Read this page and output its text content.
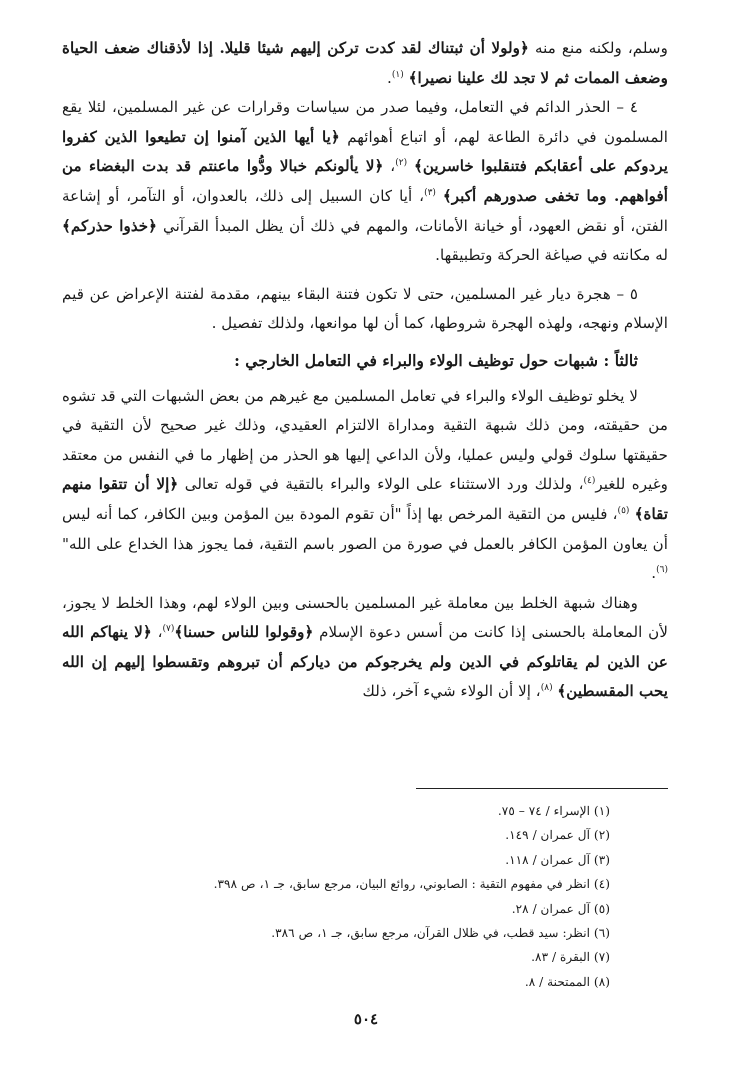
وسلم، ولكنه منع منه ﴿ولولا أن ثبتناك لقد كدت تركن إليهم شيئا قليلا. إذا لأذقناك ضعف الحياة وضعف الممات ثم لا تجد لك علينا نصيرا﴾ $^{(١)}$.

٤ – الحذر الدائم في التعامل، وفيما صدر من سياسات وقرارات عن غير المسلمين، لئلا يقع المسلمون في دائرة الطاعة لهم، أو اتباع أهوائهم ﴿يا أيها الذين آمنوا إن تطيعوا الذين كفروا يردوكم على أعقابكم فتنقلبوا خاسرين﴾ $^{(٢)}$، ﴿لا يألونكم خبالا ودُّوا ماعنتم قد بدت البغضاء من أفواههم. وما تخفى صدورهم أكبر﴾ $^{(٣)}$، أيا كان السبيل إلى ذلك، بالعدوان، أو التآمر، أو إشاعة الفتن، أو نقض العهود، أو خيانة الأمانات، والمهم في ذلك أن يظل المبدأ القرآني ﴿خذوا حذركم﴾ له مكانته في صياغة الحركة وتطبيقها.

٥ – هجرة ديار غير المسلمين، حتى لا تكون فتنة البقاء بينهم، مقدمة لفتنة الإعراض عن قيم الإسلام ونهجه، ولهذه الهجرة شروطها، كما أن لها موانعها، ولذلك تفصيل .

ثالثاً : شبهات حول توظيف الولاء والبراء في التعامل الخارجي :

لا يخلو توظيف الولاء والبراء في تعامل المسلمين مع غيرهم من بعض الشبهات التي قد تشوه من حقيقته، ومن ذلك شبهة التقية ومداراة الالتزام العقيدي، وذلك غير صحيح لأن التقية في حقيقتها سلوك قولي وليس عمليا، ولأن الداعي إليها هو الحذر من إظهار ما في النفس من معتقد وغيره للغير$^{(٤)}$، ولذلك ورد الاستثناء على الولاء والبراء بالتقية في قوله تعالى ﴿إلا أن تتقوا منهم تقاة﴾ $^{(٥)}$، فليس من التقية المرخص بها إذاً "أن تقوم المودة بين المؤمن وبين الكافر، كما أنه ليس أن يعاون المؤمن الكافر بالعمل في صورة من الصور باسم التقية، فما يجوز هذا الخداع على الله" $^{(٦)}$.

وهناك شبهة الخلط بين معاملة غير المسلمين بالحسنى وبين الولاء لهم، وهذا الخلط لا يجوز، لأن المعاملة بالحسنى إذا كانت من أسس دعوة الإسلام ﴿وقولوا للناس حسنا﴾$^{(٧)}$، ﴿لا ينهاكم الله عن الذين لم يقاتلوكم في الدين ولم يخرجوكم من دياركم أن تبروهم وتقسطوا إليهم إن الله يحب المقسطين﴾ $^{(٨)}$، إلا أن الولاء شيء آخر، ذلك

(١) الإسراء / ٧٤ – ٧٥.
(٢) آل عمران / ١٤٩.
(٣) آل عمران / ١١٨.
(٤) انظر في مفهوم التقية : الصابوني، روائع البيان، مرجع سابق، جـ ١، ص ٣٩٨.
(٥) آل عمران / ٢٨.
(٦) انظر: سيد قطب، في ظلال القرآن، مرجع سابق، جـ ١، ص ٣٨٦.
(٧) البقرة / ٨٣.
(٨) الممتحنة / ٨.
٥٠٤
